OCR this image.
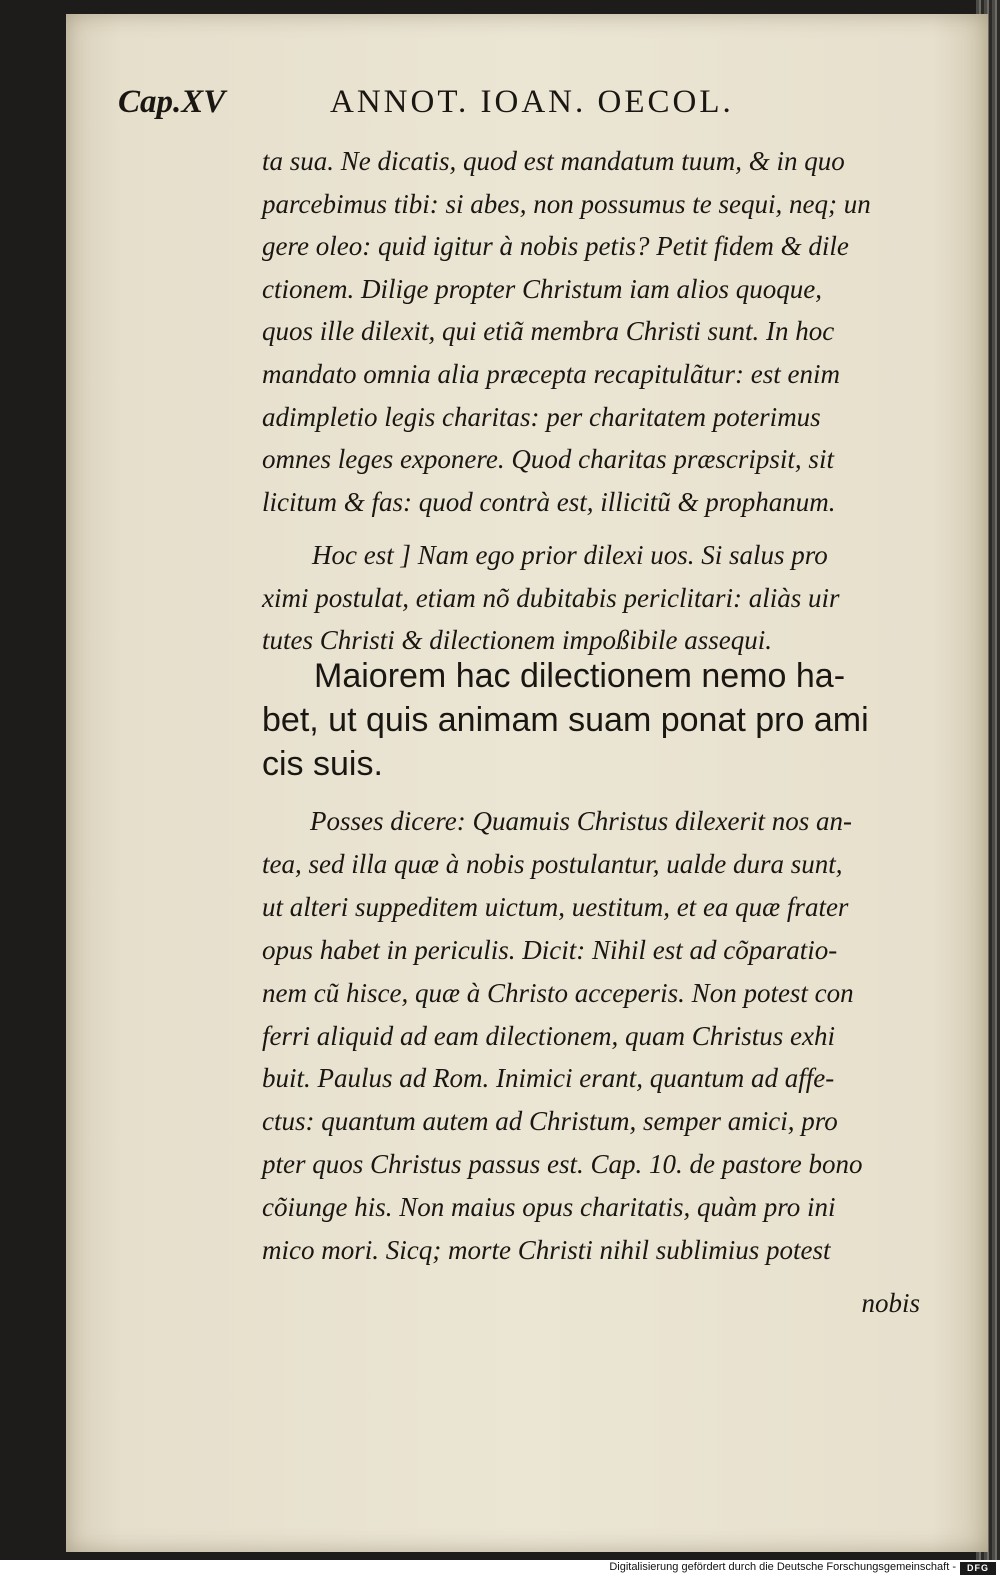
Cap.XV	ANNOT. IOAN. OECOL.
ta sua. Ne dicatis, quod est mandatum tuum, & in quo
parcebimus tibi: si abes, non possumus te sequi, neq; un
gere oleo: quid igitur à nobis petis? Petit fidem & dile
ctionem. Dilige propter Christum iam alios quoque,
quos ille dilexit, qui etiã membra Christi sunt. In hoc
mandato omnia alia præcepta recapitulãtur: est enim
adimpletio legis charitas: per charitatem poterimus
omnes leges exponere. Quod charitas præscripsit, sit
licitum & fas: quod contrà est, illicitũ & prophanum.
Hoc est ] Nam ego prior dilexi uos. Si salus pro
ximi postulat, etiam nõ dubitabis periclitari: aliàs uir
tutes Christi & dilectionem impoßibile assequi.
Maiorem hac dilectionem nemo ha-
bet, ut quis animam suam ponat pro ami
cis suis.
Posses dicere: Quamuis Christus dilexerit nos an-
tea, sed illa quæ à nobis postulantur, ualde dura sunt,
ut alteri suppeditem uictum, uestitum, et ea quæ frater
opus habet in periculis. Dicit: Nihil est ad cõparatio-
nem cũ hisce, quæ à Christo acceperis. Non potest con
ferri aliquid ad eam dilectionem, quam Christus exhi
buit. Paulus ad Rom. Inimici erant, quantum ad affe-
ctus: quantum autem ad Christum, semper amici, pro
pter quos Christus passus est. Cap. 10. de pastore bono
cõiunge his. Non maius opus charitatis, quàm pro ini
mico mori. Sicq; morte Christi nihil sublimius potest
nobis
Digitalisierung gefördert durch die Deutsche Forschungsgemeinschaft -	DFG
